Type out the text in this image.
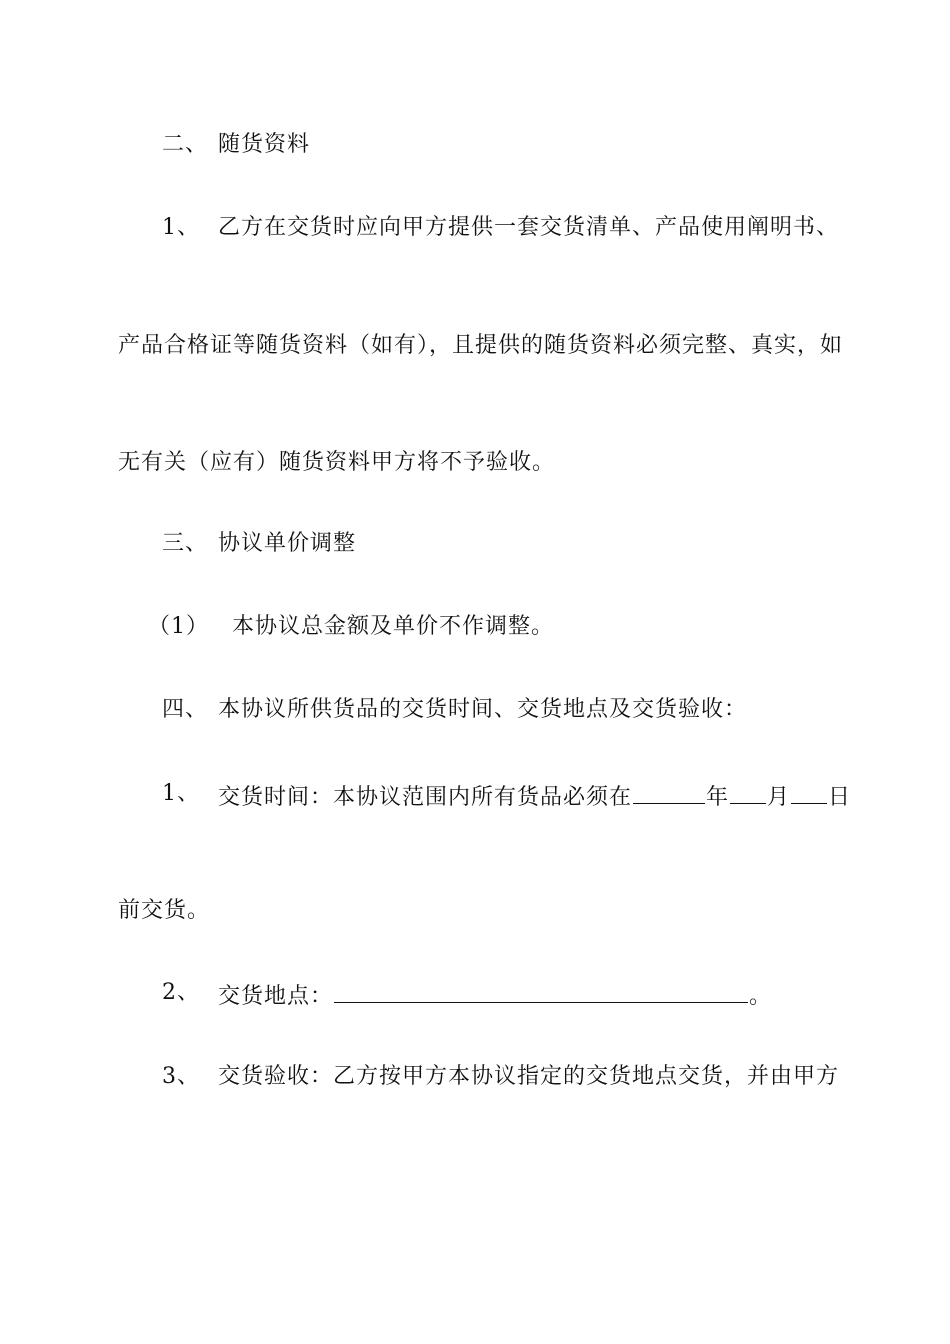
二、 随货资料
1、 乙方在交货时应向甲方提供一套交货清单、产品使用阐明书、
产品合格证等随货资料（如有），且提供的随货资料必须完整、真实，如
无有关（应有）随货资料甲方将不予验收。
三、 协议单价调整
（1） 本协议总金额及单价不作调整。
四、 本协议所供货品的交货时间、交货地点及交货验收：
1、 交货时间：本协议范围内所有货品必须在	年 月 日
前交货。
2、 交货地点：	。
3、 交货验收：乙方按甲方本协议指定的交货地点交货，并由甲方
